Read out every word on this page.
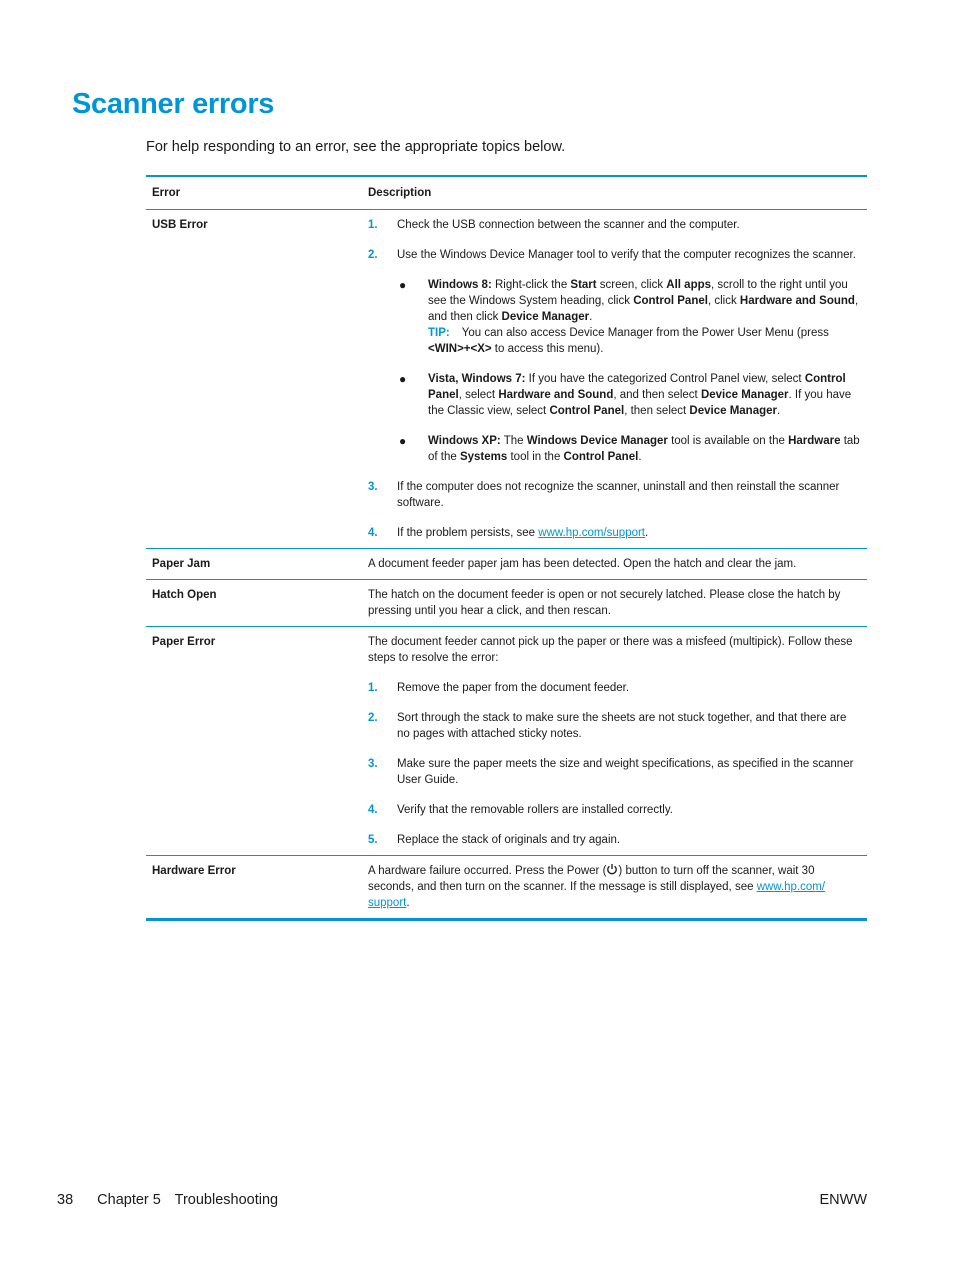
Scanner errors

For help responding to an error, see the appropriate topics below.

Error	Description
USB Error	1.	Check the USB connection between the scanner and the computer.
2.	Use the Windows Device Manager tool to verify that the computer recognizes the scanner.

●	Windows 8: Right-click the Start screen, click All apps, scroll to the right until you see the Windows System heading, click Control Panel, click Hardware and Sound, and then click Device Manager.

TIP: You can also access Device Manager from the Power User Menu (press <WIN>+<X> to access this menu).

●	Vista, Windows 7: If you have the categorized Control Panel view, select Control Panel, select Hardware and Sound, and then select Device Manager. If you have the Classic view, select Control Panel, then select Device Manager.

●	Windows XP: The Windows Device Manager tool is available on the Hardware tab of the Systems tool in the Control Panel.

3.	If the computer does not recognize the scanner, uninstall and then reinstall the scanner software.
4.	If the problem persists, see www.hp.com/support.
Paper Jam	A document feeder paper jam has been detected. Open the hatch and clear the jam.
Hatch Open	The hatch on the document feeder is open or not securely latched. Please close the hatch by pressing until you hear a click, and then rescan.
Paper Error	The document feeder cannot pick up the paper or there was a misfeed (multipick). Follow these steps to resolve the error:

1.	Remove the paper from the document feeder.
2.	Sort through the stack to make sure the sheets are not stuck together, and that there are no pages with attached sticky notes.
3.	Make sure the paper meets the size and weight specifications, as specified in the scanner User Guide.
4.	Verify that the removable rollers are installed correctly.
5.	Replace the stack of originals and try again.
Hardware Error	A hardware failure occurred. Press the Power ( ) button to turn off the scanner, wait 30 seconds, and then turn on the scanner. If the message is still displayed, see www.hp.com/
support.

38 Chapter 5 Troubleshooting	ENWW
